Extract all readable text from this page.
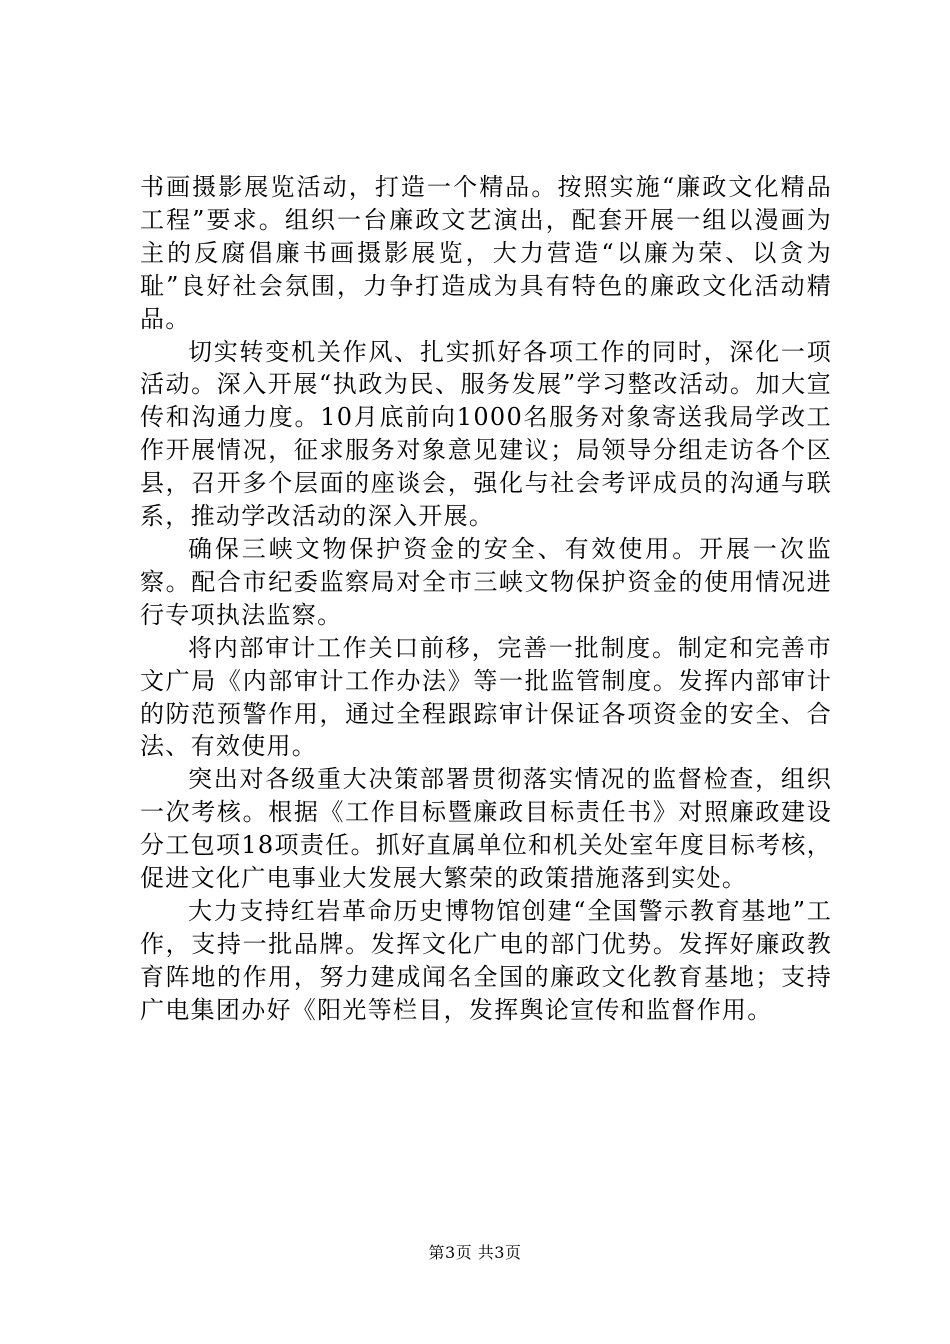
书画摄影展览活动，打造一个精品。按照实施“廉政文化精品工程”要求。组织一台廉政文艺演出，配套开展一组以漫画为主的反腐倡廉书画摄影展览，大力营造“以廉为荣、以贪为耻”良好社会氛围，力争打造成为具有特色的廉政文化活动精品。

切实转变机关作风、扎实抓好各项工作的同时，深化一项活动。深入开展“执政为民、服务发展”学习整改活动。加大宣传和沟通力度。10月底前向1000名服务对象寄送我局学改工作开展情况，征求服务对象意见建议；局领导分组走访各个区县，召开多个层面的座谈会，强化与社会考评成员的沟通与联系，推动学改活动的深入开展。

确保三峡文物保护资金的安全、有效使用。开展一次监察。配合市纪委监察局对全市三峡文物保护资金的使用情况进行专项执法监察。

将内部审计工作关口前移，完善一批制度。制定和完善市文广局《内部审计工作办法》等一批监管制度。发挥内部审计的防范预警作用，通过全程跟踪审计保证各项资金的安全、合法、有效使用。

突出对各级重大决策部署贯彻落实情况的监督检查，组织一次考核。根据《工作目标暨廉政目标责任书》对照廉政建设分工包项18项责任。抓好直属单位和机关处室年度目标考核，促进文化广电事业大发展大繁荣的政策措施落到实处。

大力支持红岩革命历史博物馆创建“全国警示教育基地”工作，支持一批品牌。发挥文化广电的部门优势。发挥好廉政教育阵地的作用，努力建成闻名全国的廉政文化教育基地；支持广电集团办好《阳光等栏目，发挥舆论宣传和监督作用。

第3页 共3页
